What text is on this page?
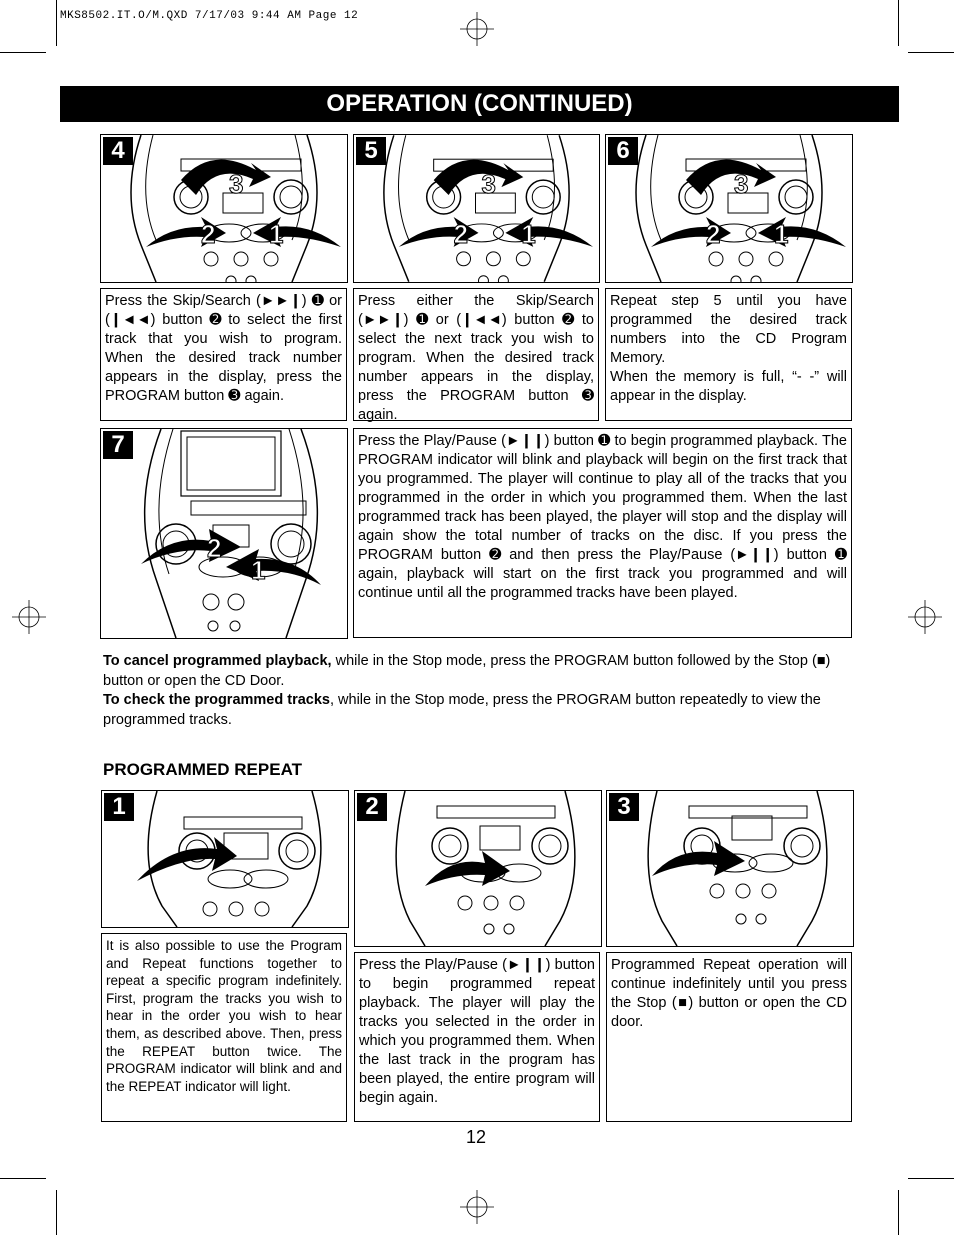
MKS8502.IT.O/M.QXD 7/17/03 9:44 AM Page 12
OPERATION (CONTINUED)
2 1
3
4
2 1
3
5
2 1
3
6

Press the Skip/Search (►►❙) ➊ or (❙◄◄) button ➋ to select the first track that you wish to program. When the desired track number appears in the display, press the PROGRAM button ➌ again.

Press either the Skip/Search (►►❙) ➊ or (❙◄◄) button ➋ to select the next track you wish to program. When the desired track number appears in the display, press the PROGRAM button ➌ again.

Repeat step 5 until you have programmed the desired track numbers into the CD Program Memory.

When the memory is full, “- -” will appear in the display.

2
1
7	Press the Play/Pause (►❙❙) button ➊ to begin programmed playback. The PROGRAM indicator will blink and playback will begin on the first track that you programmed. The player will continue to play all of the tracks that you programmed in the order in which you programmed them. When the last programmed track has been played, the player will stop and the display will again show the total number of tracks on the disc. If you press the PROGRAM button ➋ and then press the Play/Pause (►❙❙) button ➊ again, playback will start on the first track you programmed and will continue until all the programmed tracks have been played.

To cancel programmed playback, while in the Stop mode, press the PROGRAM button followed by the Stop (■) button or open the CD Door.
To check the programmed tracks, while in the Stop mode, press the PROGRAM button repeatedly to view the programmed tracks.
PROGRAMMED REPEAT
1	2	3

It is also possible to use the Program and Repeat functions together to repeat a specific program indefinitely. First, program the tracks you wish to hear in the order you wish to hear them, as described above. Then, press the REPEAT button twice. The PROGRAM indicator will blink and and the REPEAT indicator will light.

Press the Play/Pause (►❙❙) button to begin programmed repeat playback. The player will play the tracks you selected in the order in which you programmed them. When the last track in the program has been played, the entire program will begin again.

Programmed Repeat operation will continue indefinitely until you press the Stop (■) button or open the CD door.

12
